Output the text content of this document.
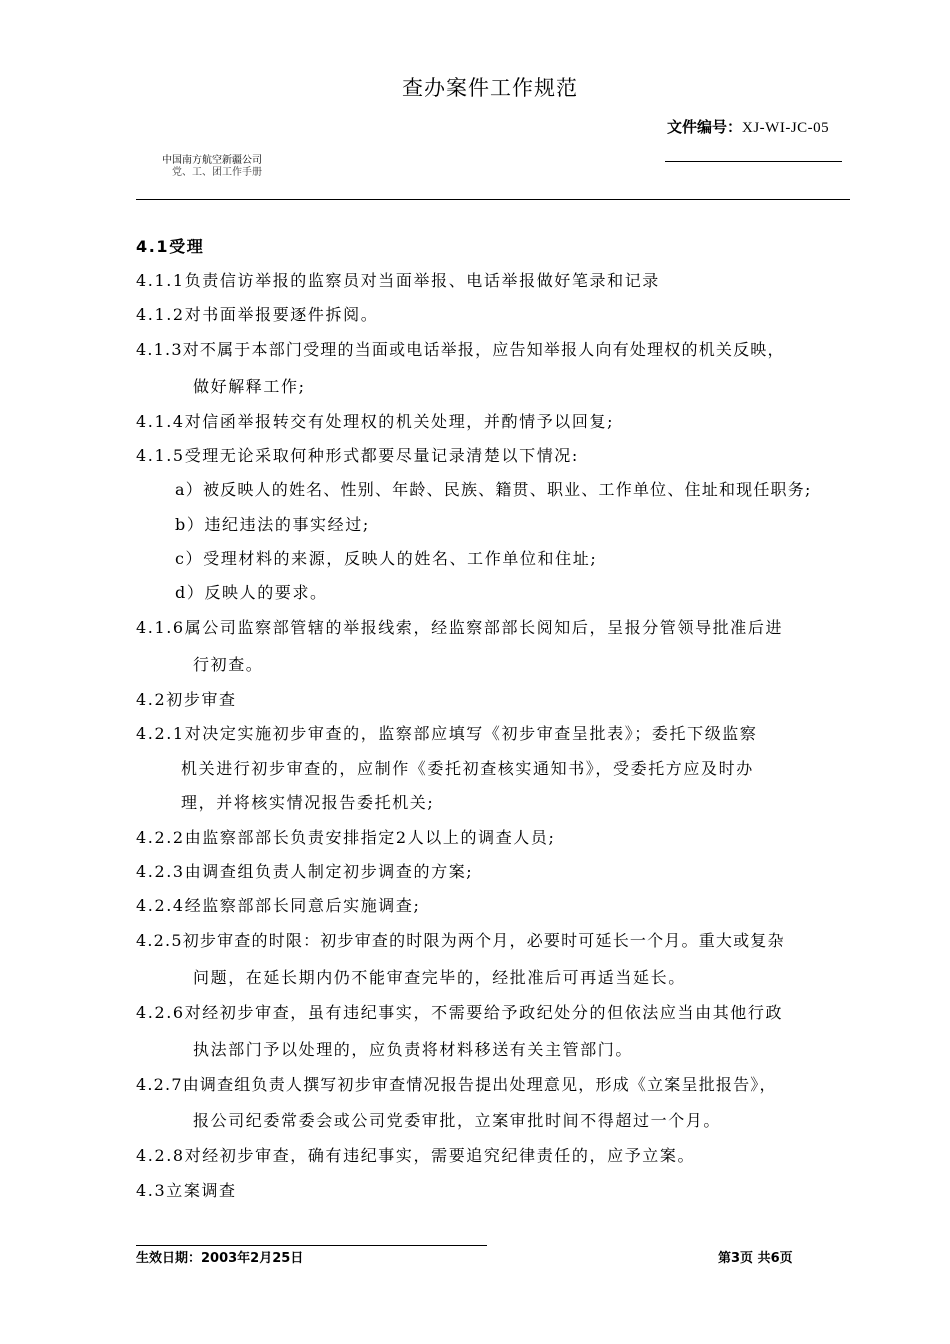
查办案件工作规范
文件编号：XJ-WI-JC-05
中国南方航空新疆公司
党、工、团工作手册
4.1受理
4.1.1负责信访举报的监察员对当面举报、电话举报做好笔录和记录
4.1.2对书面举报要逐件拆阅。
4.1.3对不属于本部门受理的当面或电话举报，应告知举报人向有处理权的机关反映，
做好解释工作;
4.1.4对信函举报转交有处理权的机关处理，并酌情予以回复;
4.1.5受理无论采取何种形式都要尽量记录清楚以下情况:
a）被反映人的姓名、性别、年龄、民族、籍贯、职业、工作单位、住址和现任职务;
b）违纪违法的事实经过;
c）受理材料的来源，反映人的姓名、工作单位和住址;
d）反映人的要求。
4.1.6属公司监察部管辖的举报线索，经监察部部长阅知后，呈报分管领导批准后进
行初查。
4.2初步审查
4.2.1对决定实施初步审查的，监察部应填写《初步审查呈批表》；委托下级监察
机关进行初步审查的，应制作《委托初查核实通知书》，受委托方应及时办
理，并将核实情况报告委托机关;
4.2.2由监察部部长负责安排指定2人以上的调查人员;
4.2.3由调查组负责人制定初步调查的方案;
4.2.4经监察部部长同意后实施调查;
4.2.5初步审查的时限：初步审查的时限为两个月，必要时可延长一个月。重大或复杂
问题，在延长期内仍不能审查完毕的，经批准后可再适当延长。
4.2.6对经初步审查，虽有违纪事实，不需要给予政纪处分的但依法应当由其他行政
执法部门予以处理的，应负责将材料移送有关主管部门。
4.2.7由调查组负责人撰写初步审查情况报告提出处理意见，形成《立案呈批报告》，
报公司纪委常委会或公司党委审批，立案审批时间不得超过一个月。
4.2.8对经初步审查，确有违纪事实，需要追究纪律责任的，应予立案。
4.3立案调查
生效日期：2003年2月25日	第3页 共6页
